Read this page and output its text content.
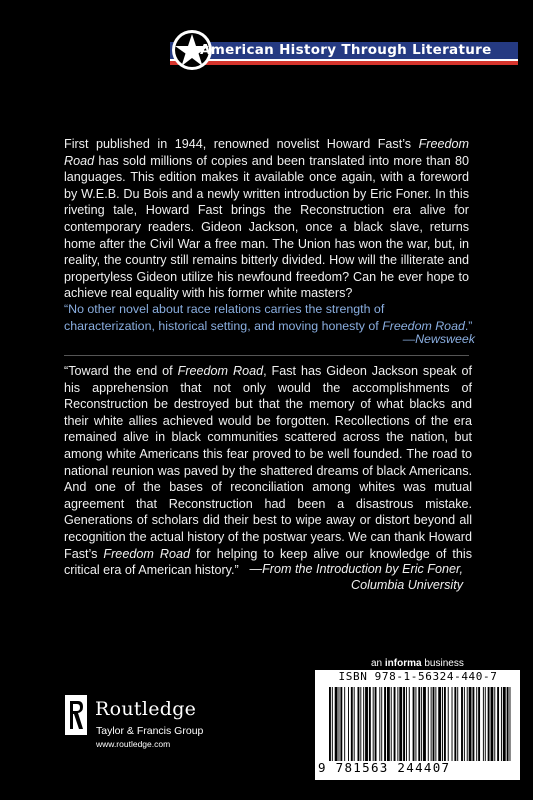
American History Through Literature
First published in 1944, renowned novelist Howard Fast’s Freedom Road has sold millions of copies and been translated into more than 80 languages. This edition makes it available once again, with a foreword by W.E.B. Du Bois and a newly written introduction by Eric Foner. In this riveting tale, Howard Fast brings the Reconstruction era alive for contemporary readers. Gideon Jackson, once a black slave, returns home after the Civil War a free man. The Union has won the war, but, in reality, the country still remains bitterly divided. How will the illiterate and propertyless Gideon utilize his newfound freedom? Can he ever hope to achieve real equality with his former white masters?
“No other novel about race relations carries the strength of characterization, historical setting, and moving honesty of Freedom Road.”
—Newsweek
“Toward the end of Freedom Road, Fast has Gideon Jackson speak of his apprehension that not only would the accomplishments of Reconstruction be destroyed but that the memory of what blacks and their white allies achieved would be forgotten. Recollections of the era remained alive in black communities scattered across the nation, but among white Americans this fear proved to be well founded. The road to national reunion was paved by the shattered dreams of black Americans. And one of the bases of reconciliation among whites was mutual agreement that Reconstruction had been a disastrous mistake. Generations of scholars did their best to wipe away or distort beyond all recognition the actual history of the postwar years. We can thank Howard Fast’s Freedom Road for helping to keep alive our knowledge of this critical era of American history.” —From the Introduction by Eric Foner,
Columbia University
Routledge
Taylor & Francis Group
www.routledge.com
an informa business
ISBN 978-1-56324-440-7
9 781563 244407
